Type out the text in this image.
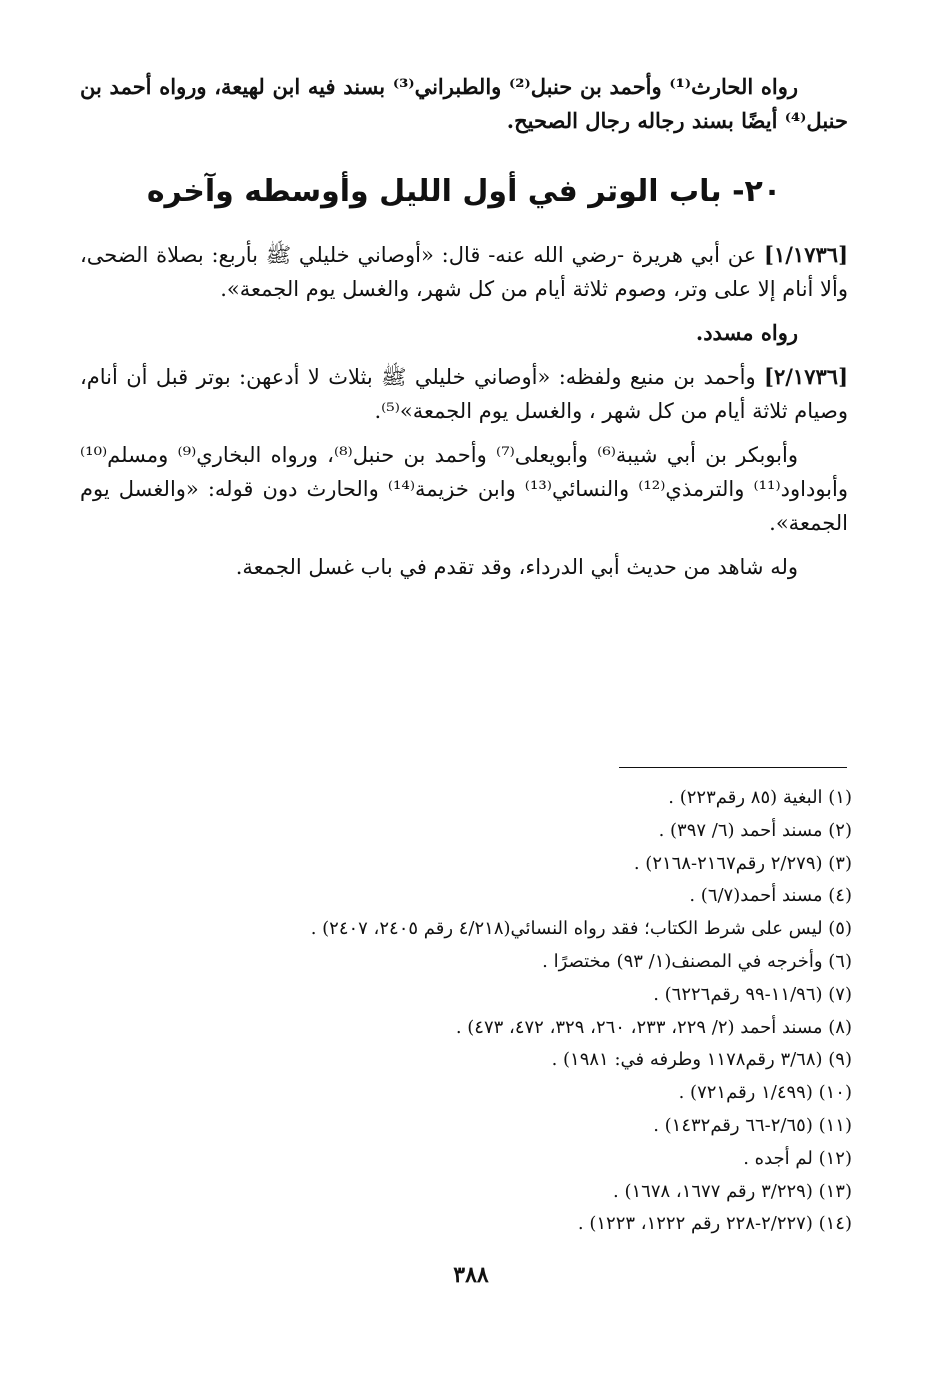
رواه الحارث⁽¹⁾ وأحمد بن حنبل⁽²⁾ والطبراني⁽³⁾ بسند فيه ابن لهيعة، ورواه أحمد بن حنبل⁽⁴⁾ أيضًا بسند رجاله رجال الصحيح.

٢٠- باب الوتر في أول الليل وأوسطه وآخره

[١/١٧٣٦] عن أبي هريرة -رضي الله عنه- قال: «أوصاني خليلي ﷺ بأربع: بصلاة الضحى، وألا أنام إلا على وتر، وصوم ثلاثة أيام من كل شهر، والغسل يوم الجمعة».

رواه مسدد.

[٢/١٧٣٦] وأحمد بن منيع ولفظه: «أوصاني خليلي ﷺ بثلاث لا أدعهن: بوتر قبل أن أنام، وصيام ثلاثة أيام من كل شهر ، والغسل يوم الجمعة»⁽⁵⁾.

وأبوبكر بن أبي شيبة⁽⁶⁾ وأبويعلى⁽⁷⁾ وأحمد بن حنبل⁽⁸⁾، ورواه البخاري⁽⁹⁾ ومسلم⁽¹⁰⁾ وأبوداود⁽¹¹⁾ والترمذي⁽¹²⁾ والنسائي⁽¹³⁾ وابن خزيمة⁽¹⁴⁾ والحارث دون قوله: «والغسل يوم الجمعة».

وله شاهد من حديث أبي الدرداء، وقد تقدم في باب غسل الجمعة.

(١) البغية (٨٥ رقم٢٢٣) .
(٢) مسند أحمد (٦/ ٣٩٧) .
(٣) (٢/٢٧٩ رقم٢١٦٧-٢١٦٨) .
(٤) مسند أحمد(٦/٧) .
(٥) ليس على شرط الكتاب؛ فقد رواه النسائي(٤/٢١٨ رقم ٢٤٠٥، ٢٤٠٧) .
(٦) وأخرجه في المصنف(١/ ٩٣) مختصرًا .
(٧) (١١/٩٦-٩٩ رقم٦٢٢٦) .
(٨) مسند أحمد (٢/ ٢٢٩، ٢٣٣، ٢٦٠، ٣٢٩، ٤٧٢، ٤٧٣) .
(٩) (٣/٦٨ رقم١١٧٨ وطرفه في: ١٩٨١) .
(١٠) (١/٤٩٩ رقم٧٢١) .
(١١) (٢/٦٥-٦٦ رقم١٤٣٢) .
(١٢) لم أجده .
(١٣) (٣/٢٢٩ رقم ١٦٧٧، ١٦٧٨) .
(١٤) (٢/٢٢٧-٢٢٨ رقم ١٢٢٢، ١٢٢٣) .
٣٨٨
